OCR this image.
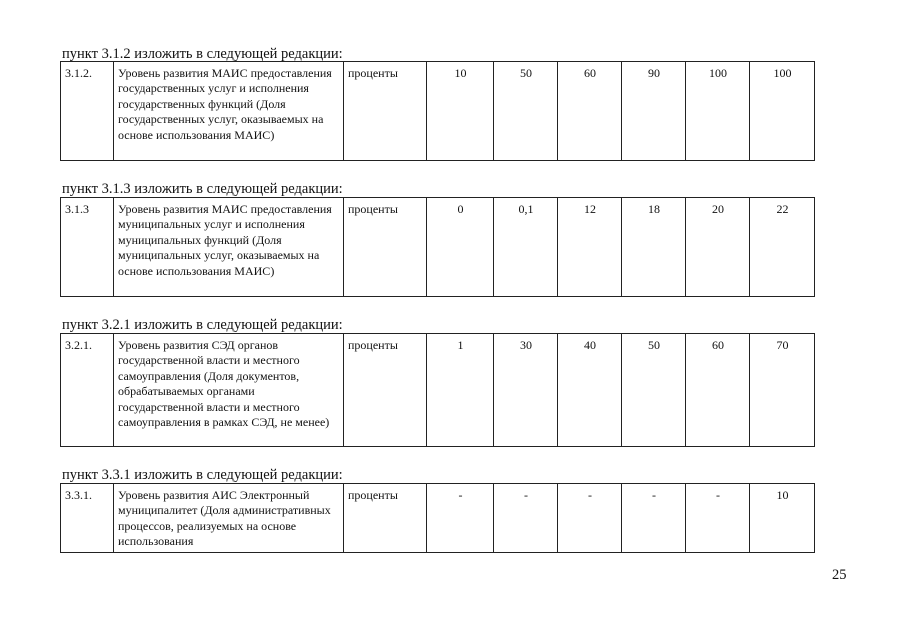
пункт 3.1.2 изложить в следующей редакции:
3.1.2.	Уровень развития МАИС предоставления государственных услуг и исполнения государственных функций (Доля государственных услуг, оказываемых на основе использования МАИС)	проценты	10	50	60	90	100	100
пункт 3.1.3 изложить в следующей редакции:
3.1.3	Уровень развития МАИС предоставления муниципальных услуг и исполнения муниципальных функций (Доля муниципальных услуг, оказываемых на основе использования МАИС)	проценты	0	0,1	12	18	20	22
пункт 3.2.1 изложить в следующей редакции:
3.2.1.	Уровень развития СЭД органов государственной власти и местного самоуправления (Доля документов, обрабатываемых органами государственной власти и местного самоуправления в рамках СЭД, не менее)	проценты	1	30	40	50	60	70
пункт 3.3.1 изложить в следующей редакции:
3.3.1.	Уровень развития АИС Электронный муниципалитет (Доля административных процессов, реализуемых на основе использования	проценты	-	-	-	-	-	10
25
